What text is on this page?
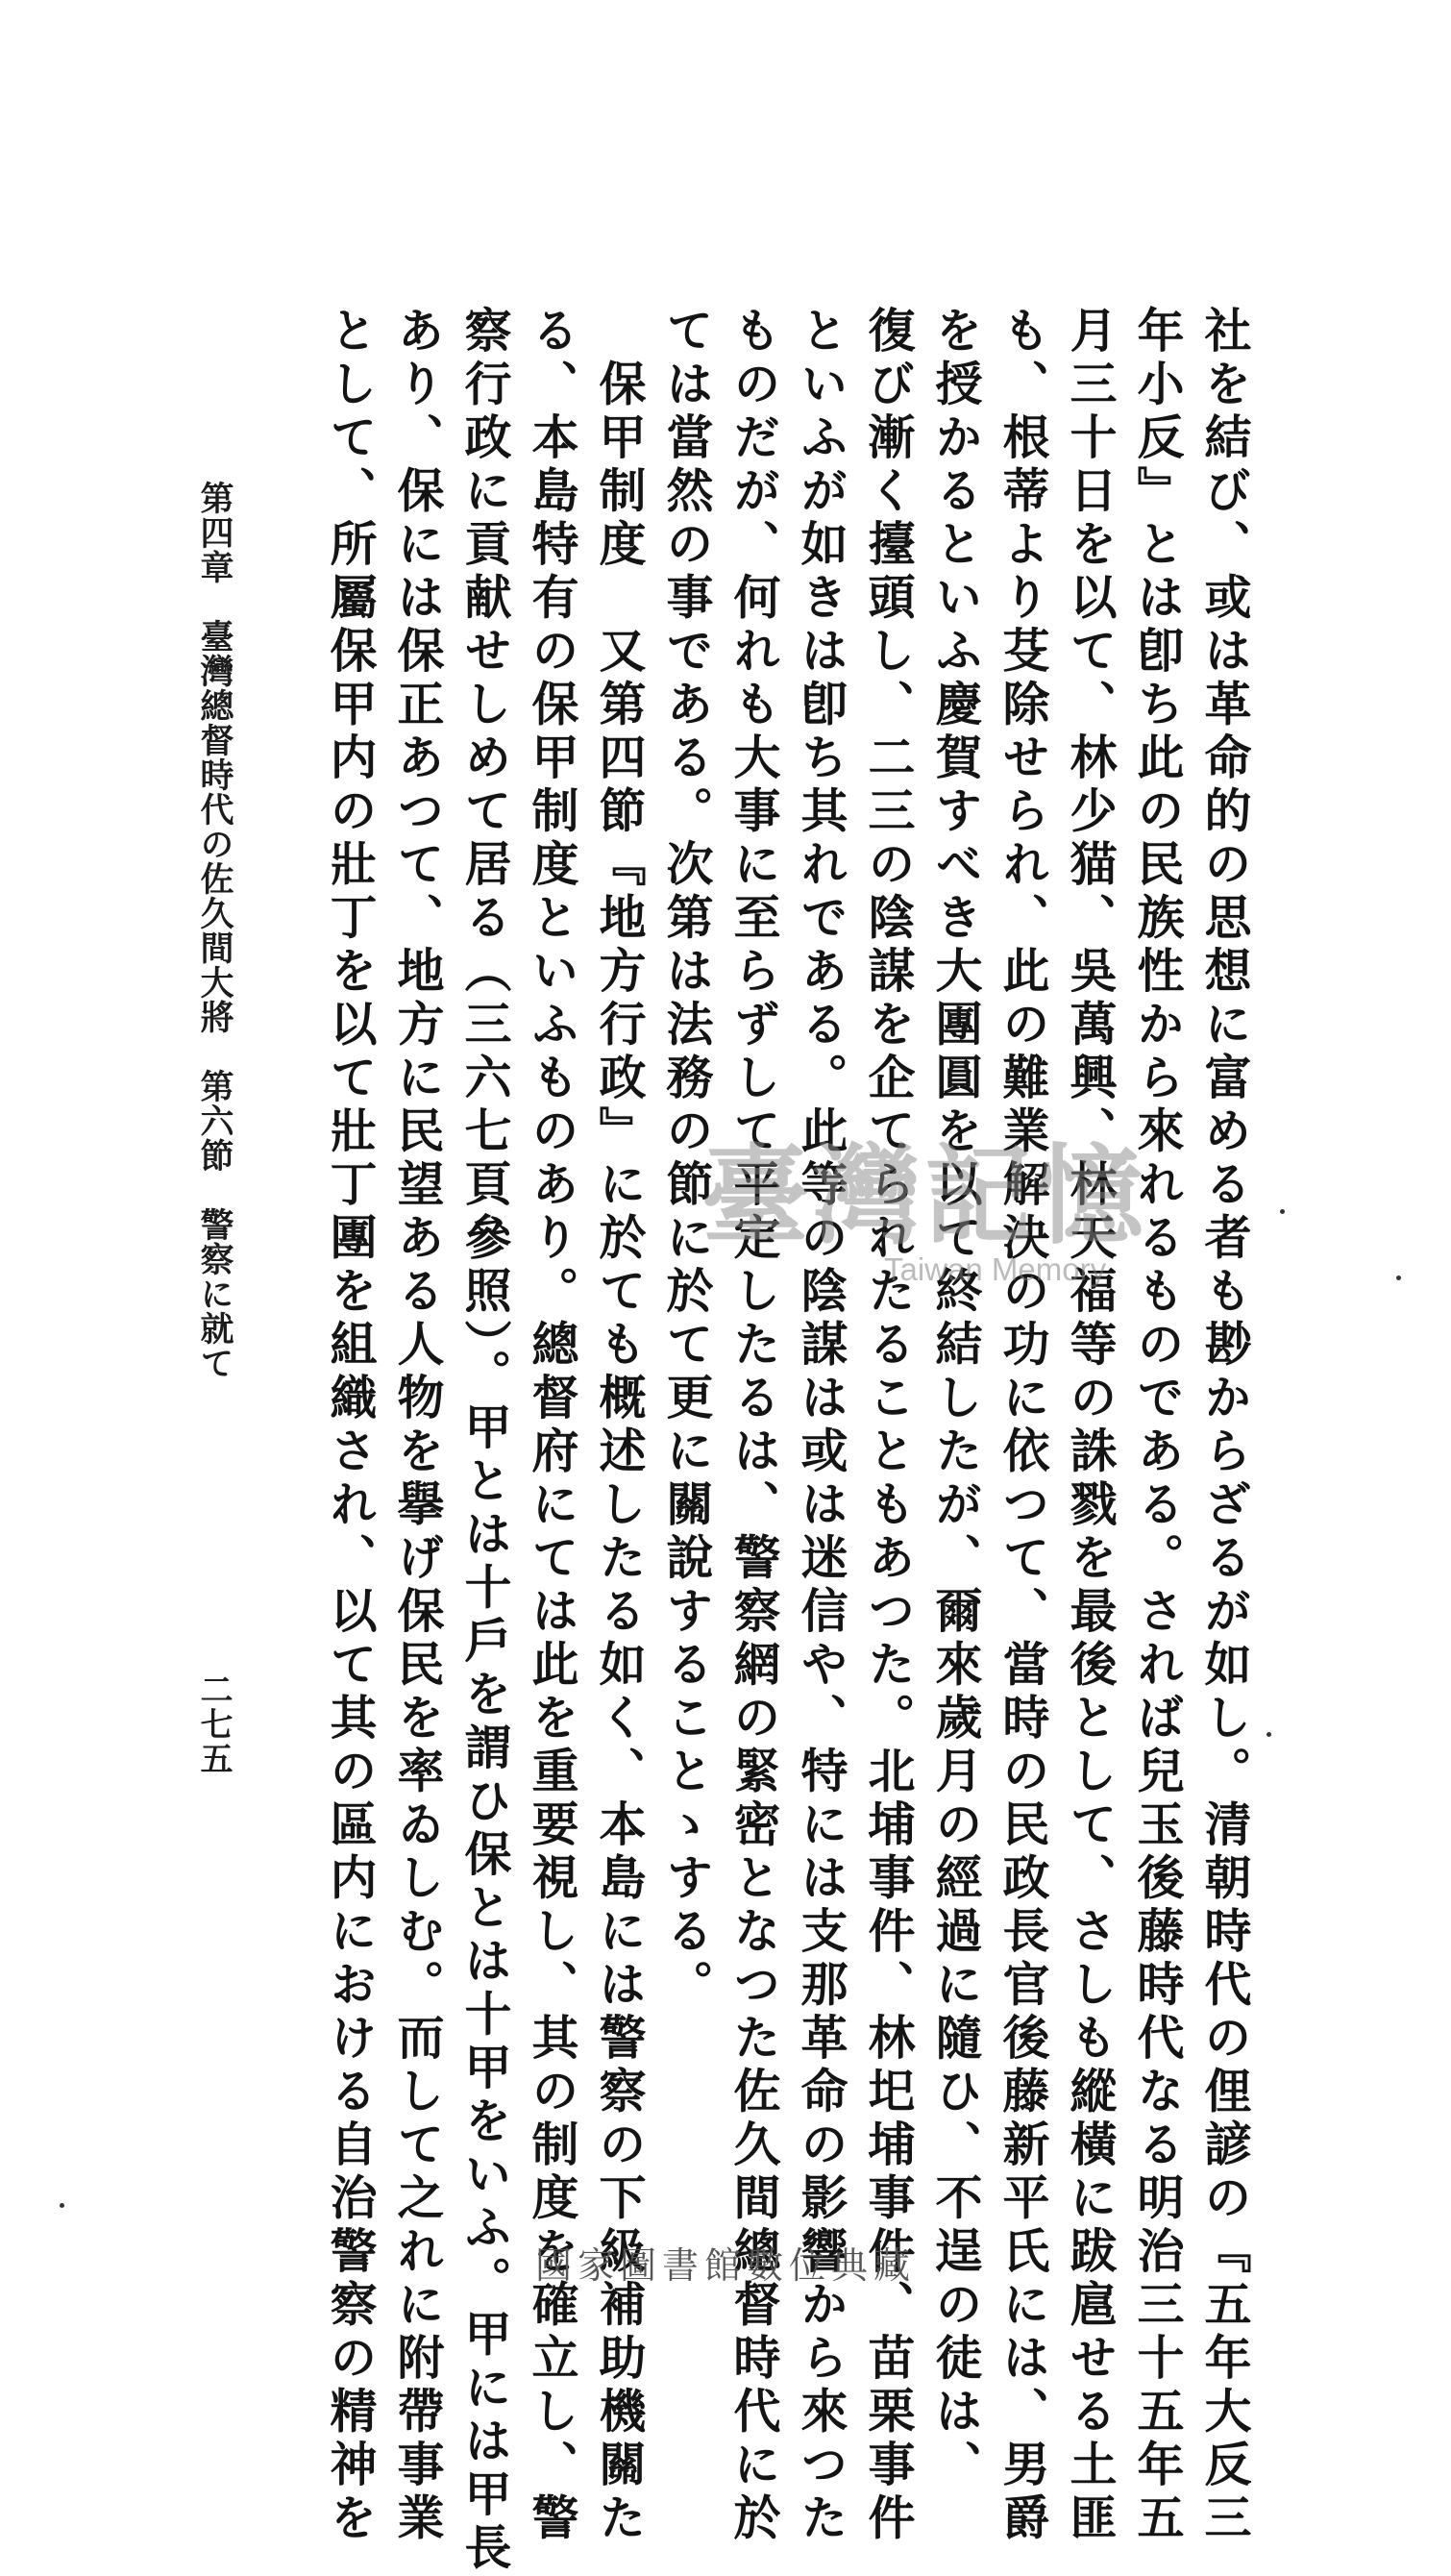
社を結び、或は革命的の思想に富める者も尠からざるが如し。清朝時代の俚諺の『五年大反三
年小反』とは卽ち此の民族性から來れるものである。されば兒玉後藤時代なる明治三十五年五
月三十日を以て、林少猫、吳萬興、林天福等の誅戮を最後として、さしも縱橫に跋扈せる土匪
も、根蒂より芟除せられ、此の難業解決の功に依つて、當時の民政長官後藤新平氏には、男爵
を授かるといふ慶賀すべき大團圓を以て終結したが、爾來歲月の經過に隨ひ、不逞の徒は、
復び漸く擡頭し、二三の陰謀を企てられたることもあつた。北埔事件、林圯埔事件、苗栗事件
といふが如きは卽ち其れである。此等の陰謀は或は迷信や、特には支那革命の影響から來つた
ものだが、何れも大事に至らずして平定したるは、警察網の緊密となつた佐久間總督時代に於
ては當然の事である。次第は法務の節に於て更に關說することゝする。
　保甲制度　又第四節『地方行政』に於ても概述したる如く、本島には警察の下級補助機關た
る、本島特有の保甲制度といふものあり。總督府にては此を重要視し、其の制度を確立し、警
察行政に貢献せしめて居る（三六七頁參照）。甲とは十戶を謂ひ保とは十甲をいふ。甲には甲長
あり、保には保正あつて、地方に民望ある人物を擧げ保民を率ゐしむ。而して之れに附帶事業
として、所屬保甲内の壯丁を以て壯丁團を組織され、以て其の區内における自治警察の精神を
第四章　臺灣總督時代の佐久間大將　第六節　警察に就て
二七五
臺灣記憶
Taiwan Memory
國家圖書館數位典藏
